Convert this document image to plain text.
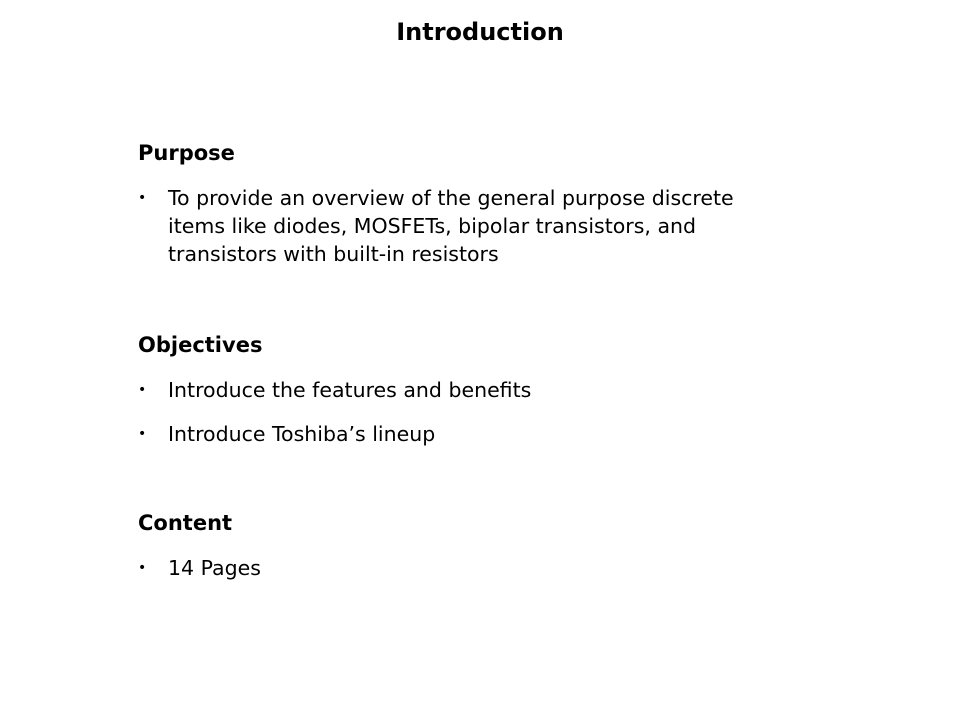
Introduction
Purpose
• To provide an overview of the general purpose discrete items like diodes, MOSFETs, bipolar transistors, and transistors with built-in resistors
Objectives
• Introduce the features and benefits
• Introduce Toshiba’s lineup
Content
• 14 Pages
